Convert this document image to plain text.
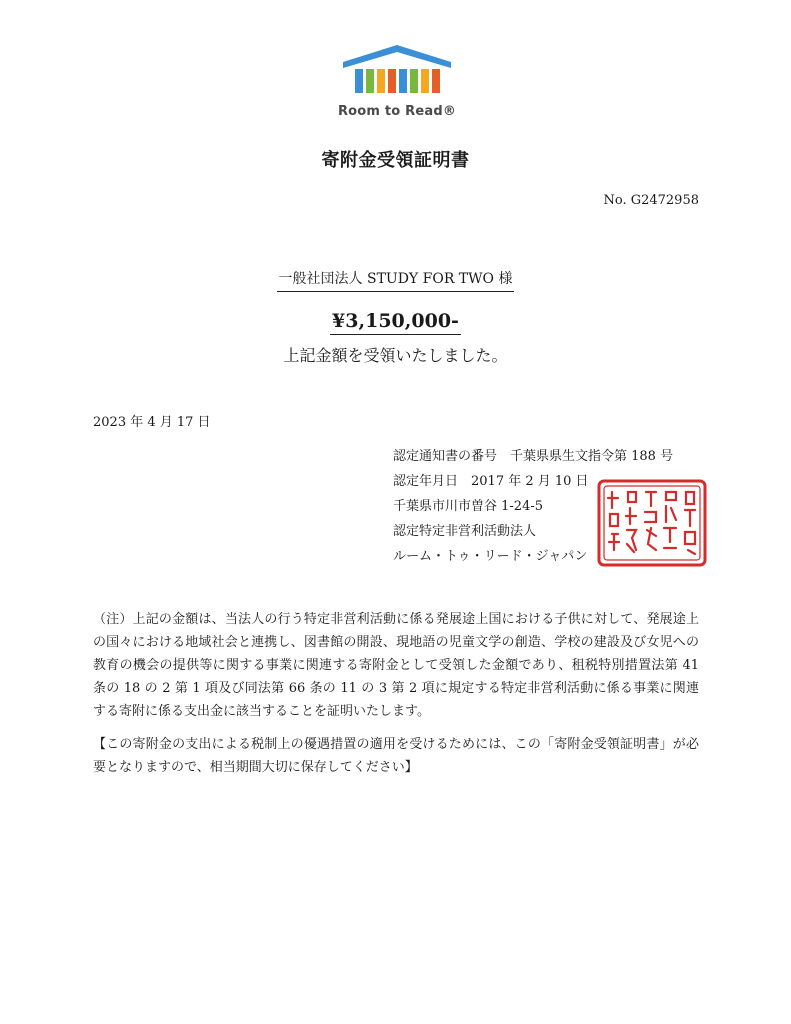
Room to Read®
寄附金受領証明書
No. G2472958
一般社団法人 STUDY FOR TWO 様
¥3,150,000-
上記金額を受領いたしました。
2023 年 4 月 17 日
認定通知書の番号　千葉県県生文指令第 188 号
認定年月日　2017 年 2 月 10 日
千葉県市川市曽谷 1-24-5
認定特定非営利活動法人
ルーム・トゥ・リード・ジャパン

（注）上記の金額は、当法人の行う特定非営利活動に係る発展途上国における子供に対して、発展途上の国々における地域社会と連携し、図書館の開設、現地語の児童文学の創造、学校の建設及び女児への教育の機会の提供等に関する事業に関連する寄附金として受領した金額であり、租税特別措置法第 41 条の 18 の 2 第 1 項及び同法第 66 条の 11 の 3 第 2 項に規定する特定非営利活動に係る事業に関連する寄附に係る支出金に該当することを証明いたします。

【この寄附金の支出による税制上の優遇措置の適用を受けるためには、この「寄附金受領証明書」が必要となりますので、相当期間大切に保存してください】
